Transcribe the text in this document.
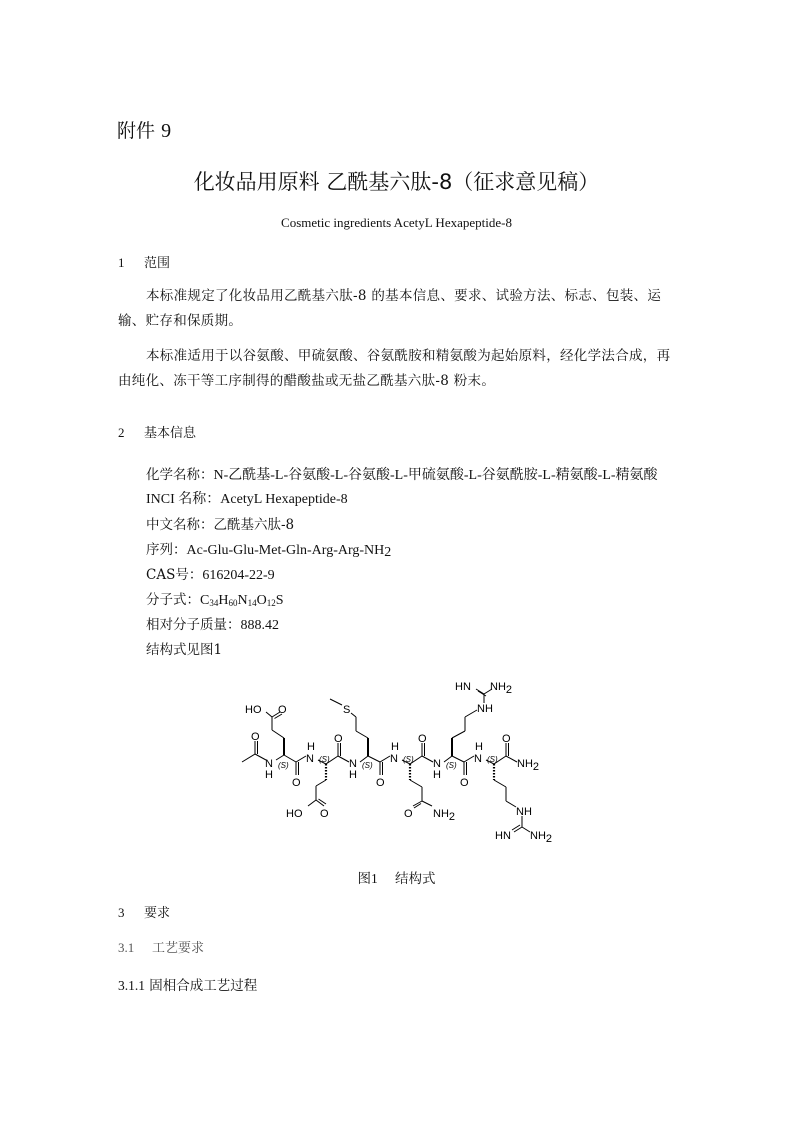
附件 9
化妆品用原料 乙酰基六肽-8（征求意见稿）
Cosmetic ingredients AcetyL Hexapeptide-8
1 范围
本标准规定了化妆品用乙酰基六肽-8 的基本信息、要求、试验方法、标志、包装、运输、贮存和保质期。
本标准适用于以谷氨酸、甲硫氨酸、谷氨酰胺和精氨酸为起始原料，经化学法合成，再由纯化、冻干等工序制得的醋酸盐或无盐乙酰基六肽-8 粉末。
2 基本信息
化学名称：N-乙酰基-L-谷氨酸-L-谷氨酸-L-甲硫氨酸-L-谷氨酰胺-L-精氨酸-L-精氨酸
INCI 名称：AcetyL Hexapeptide-8
中文名称：乙酰基六肽-8
序列：Ac-Glu-Glu-Met-Gln-Arg-Arg-NH2
CAS号：616204-22-9
分子式：$C_{34}H_{60}N_{14}O_{12}S$
相对分子质量：888.42
结构式见图1
HO O
O
N
H
(S)
O
H
N (S)
HO O
O
N
H
(S)
S
O
H
N (S)
O NH2
O
N
H
(S)
NH
HN NH2
O
H
N (S)
O
NH2
NH
HN NH2
图1 结构式
3 要求
3.1 工艺要求
3.1.1 固相合成工艺过程
